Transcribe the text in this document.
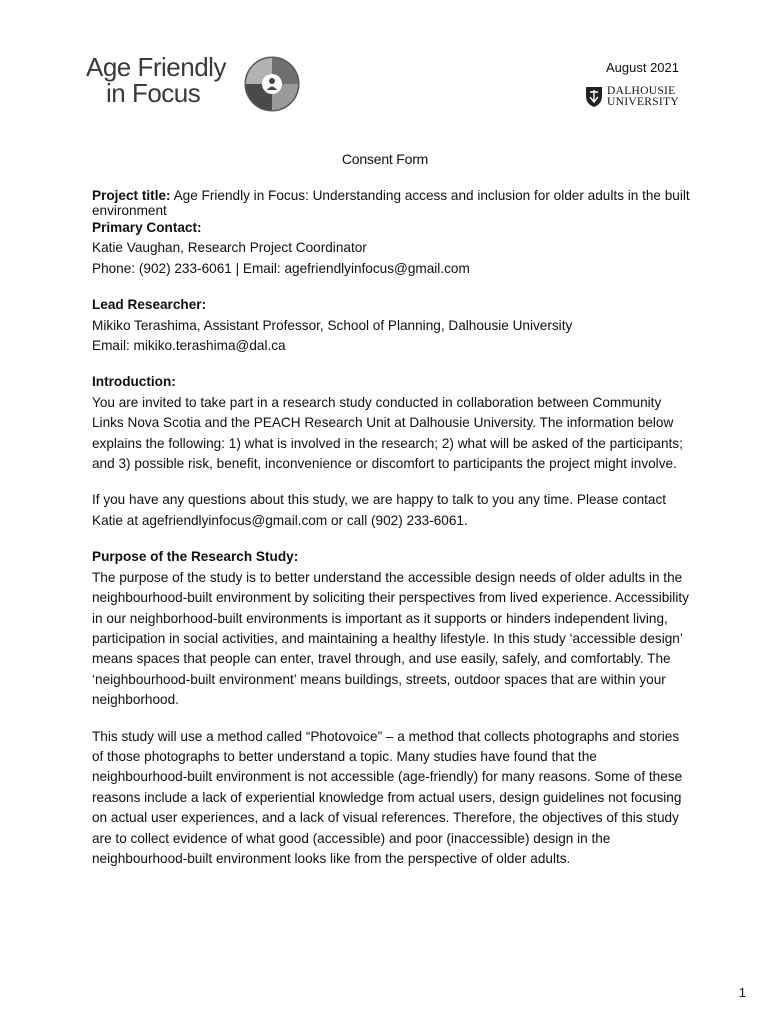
Age Friendly
in Focus
August 2021
DALHOUSIE
UNIVERSITY
Consent Form

Project title: Age Friendly in Focus: Understanding access and inclusion for older adults in the built environment

Primary Contact:

Katie Vaughan, Research Project Coordinator

Phone: (902) 233-6061 | Email: agefriendlyinfocus@gmail.com

Lead Researcher:

Mikiko Terashima, Assistant Professor, School of Planning, Dalhousie University

Email: mikiko.terashima@dal.ca

Introduction:

You are invited to take part in a research study conducted in collaboration between Community Links Nova Scotia and the PEACH Research Unit at Dalhousie University. The information below explains the following: 1) what is involved in the research; 2) what will be asked of the participants; and 3) possible risk, benefit, inconvenience or discomfort to participants the project might involve.

If you have any questions about this study, we are happy to talk to you any time. Please contact Katie at agefriendlyinfocus@gmail.com or call (902) 233-6061.

Purpose of the Research Study:

The purpose of the study is to better understand the accessible design needs of older adults in the neighbourhood-built environment by soliciting their perspectives from lived experience. Accessibility in our neighborhood-built environments is important as it supports or hinders independent living, participation in social activities, and maintaining a healthy lifestyle. In this study ‘accessible design’ means spaces that people can enter, travel through, and use easily, safely, and comfortably. The ‘neighbourhood-built environment’ means buildings, streets, outdoor spaces that are within your neighborhood.

This study will use a method called “Photovoice” – a method that collects photographs and stories of those photographs to better understand a topic. Many studies have found that the neighbourhood-built environment is not accessible (age-friendly) for many reasons. Some of these reasons include a lack of experiential knowledge from actual users, design guidelines not focusing on actual user experiences, and a lack of visual references. Therefore, the objectives of this study are to collect evidence of what good (accessible) and poor (inaccessible) design in the neighbourhood-built environment looks like from the perspective of older adults.

1
